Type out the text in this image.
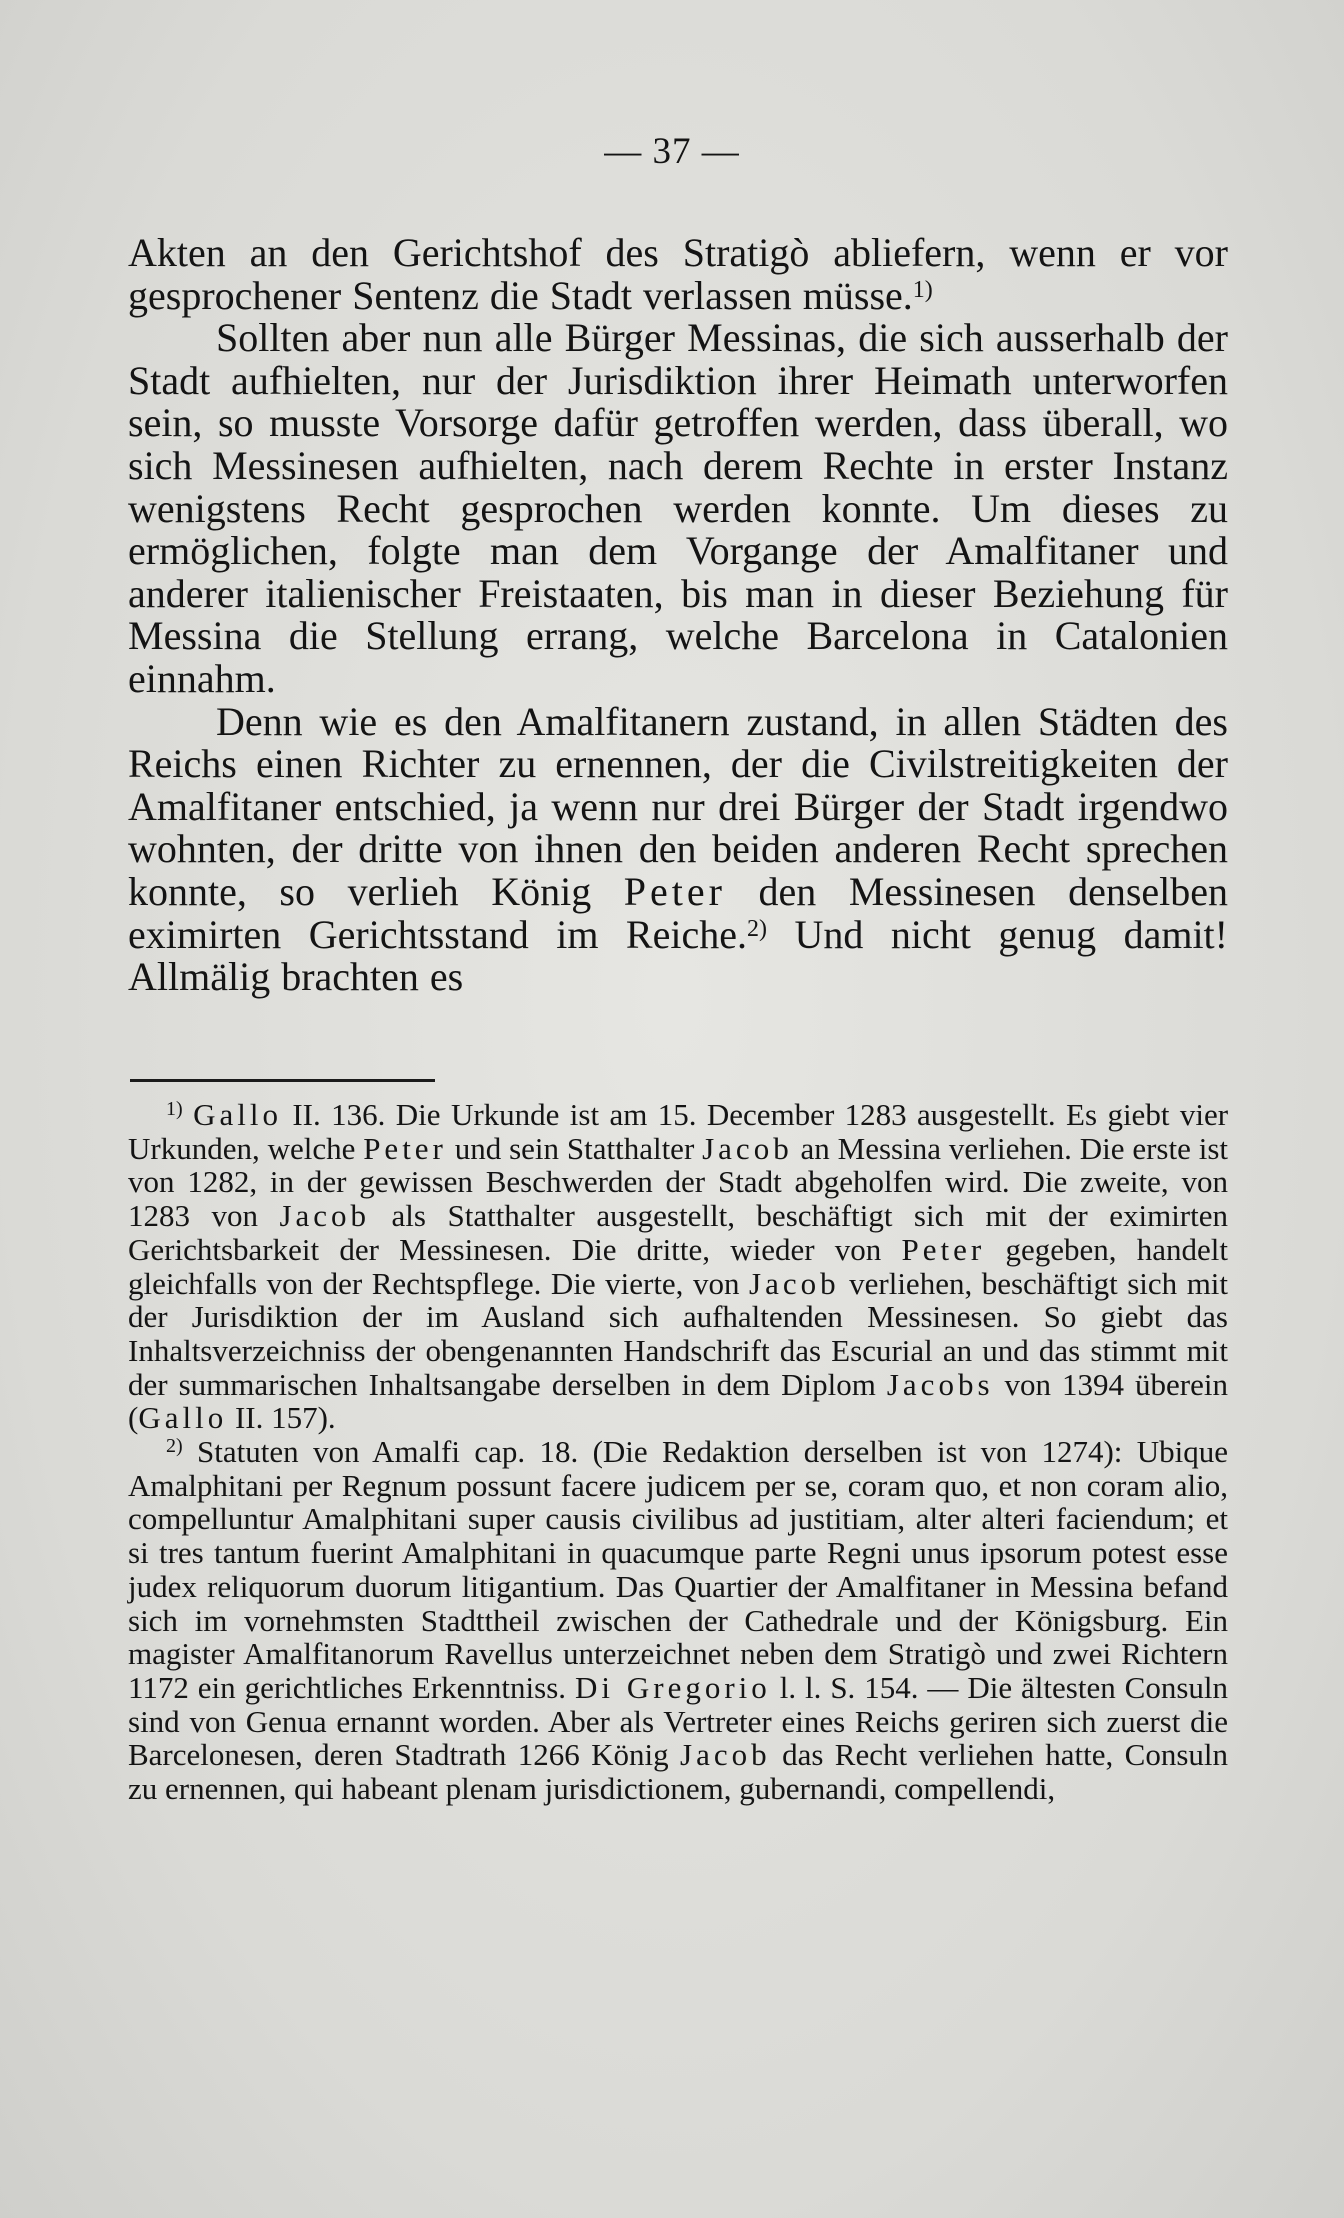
— 37 —

Akten an den Gerichtshof des Stratigò abliefern, wenn er vor gesprochener Sentenz die Stadt verlassen müsse.$^{1)}$

Sollten aber nun alle Bürger Messinas, die sich ausserhalb der Stadt aufhielten, nur der Jurisdiktion ihrer Heimath unterworfen sein, so musste Vorsorge dafür getroffen werden, dass überall, wo sich Messinesen aufhielten, nach derem Rechte in erster Instanz wenigstens Recht gesprochen werden konnte. Um dieses zu ermöglichen, folgte man dem Vorgange der Amalfitaner und anderer italienischer Freistaaten, bis man in dieser Beziehung für Messina die Stellung errang, welche Barcelona in Catalonien einnahm.

Denn wie es den Amalfitanern zustand, in allen Städten des Reichs einen Richter zu ernennen, der die Civilstreitigkeiten der Amalfitaner entschied, ja wenn nur drei Bürger der Stadt irgendwo wohnten, der dritte von ihnen den beiden anderen Recht sprechen konnte, so verlieh König Peter den Messinesen denselben eximirten Gerichtsstand im Reiche.$^{2)}$ Und nicht genug damit! Allmälig brachten es

$^{1)}$ Gallo II. 136. Die Urkunde ist am 15. December 1283 ausgestellt. Es giebt vier Urkunden, welche Peter und sein Statthalter Jacob an Messina verliehen. Die erste ist von 1282, in der gewissen Beschwerden der Stadt abgeholfen wird. Die zweite, von 1283 von Jacob als Statthalter ausgestellt, beschäftigt sich mit der eximirten Gerichtsbarkeit der Messinesen. Die dritte, wieder von Peter gegeben, handelt gleichfalls von der Rechtspflege. Die vierte, von Jacob verliehen, beschäftigt sich mit der Jurisdiktion der im Ausland sich aufhaltenden Messinesen. So giebt das Inhaltsverzeichniss der obengenannten Handschrift das Escurial an und das stimmt mit der summarischen Inhaltsangabe derselben in dem Diplom Jacobs von 1394 überein (Gallo II. 157).

$^{2)}$ Statuten von Amalfi cap. 18. (Die Redaktion derselben ist von 1274): Ubique Amalphitani per Regnum possunt facere judicem per se, coram quo, et non coram alio, compelluntur Amalphitani super causis civilibus ad justitiam, alter alteri faciendum; et si tres tantum fuerint Amalphitani in quacumque parte Regni unus ipsorum potest esse judex reliquorum duorum litigantium. Das Quartier der Amalfitaner in Messina befand sich im vornehmsten Stadttheil zwischen der Cathedrale und der Königsburg. Ein magister Amalfitanorum Ravellus unterzeichnet neben dem Stratigò und zwei Richtern 1172 ein gerichtliches Erkenntniss. Di Gregorio l. l. S. 154. — Die ältesten Consuln sind von Genua ernannt worden. Aber als Vertreter eines Reichs geriren sich zuerst die Barcelonesen, deren Stadtrath 1266 König Jacob das Recht verliehen hatte, Consuln zu ernennen, qui habeant plenam jurisdictionem, gubernandi, compellendi,
